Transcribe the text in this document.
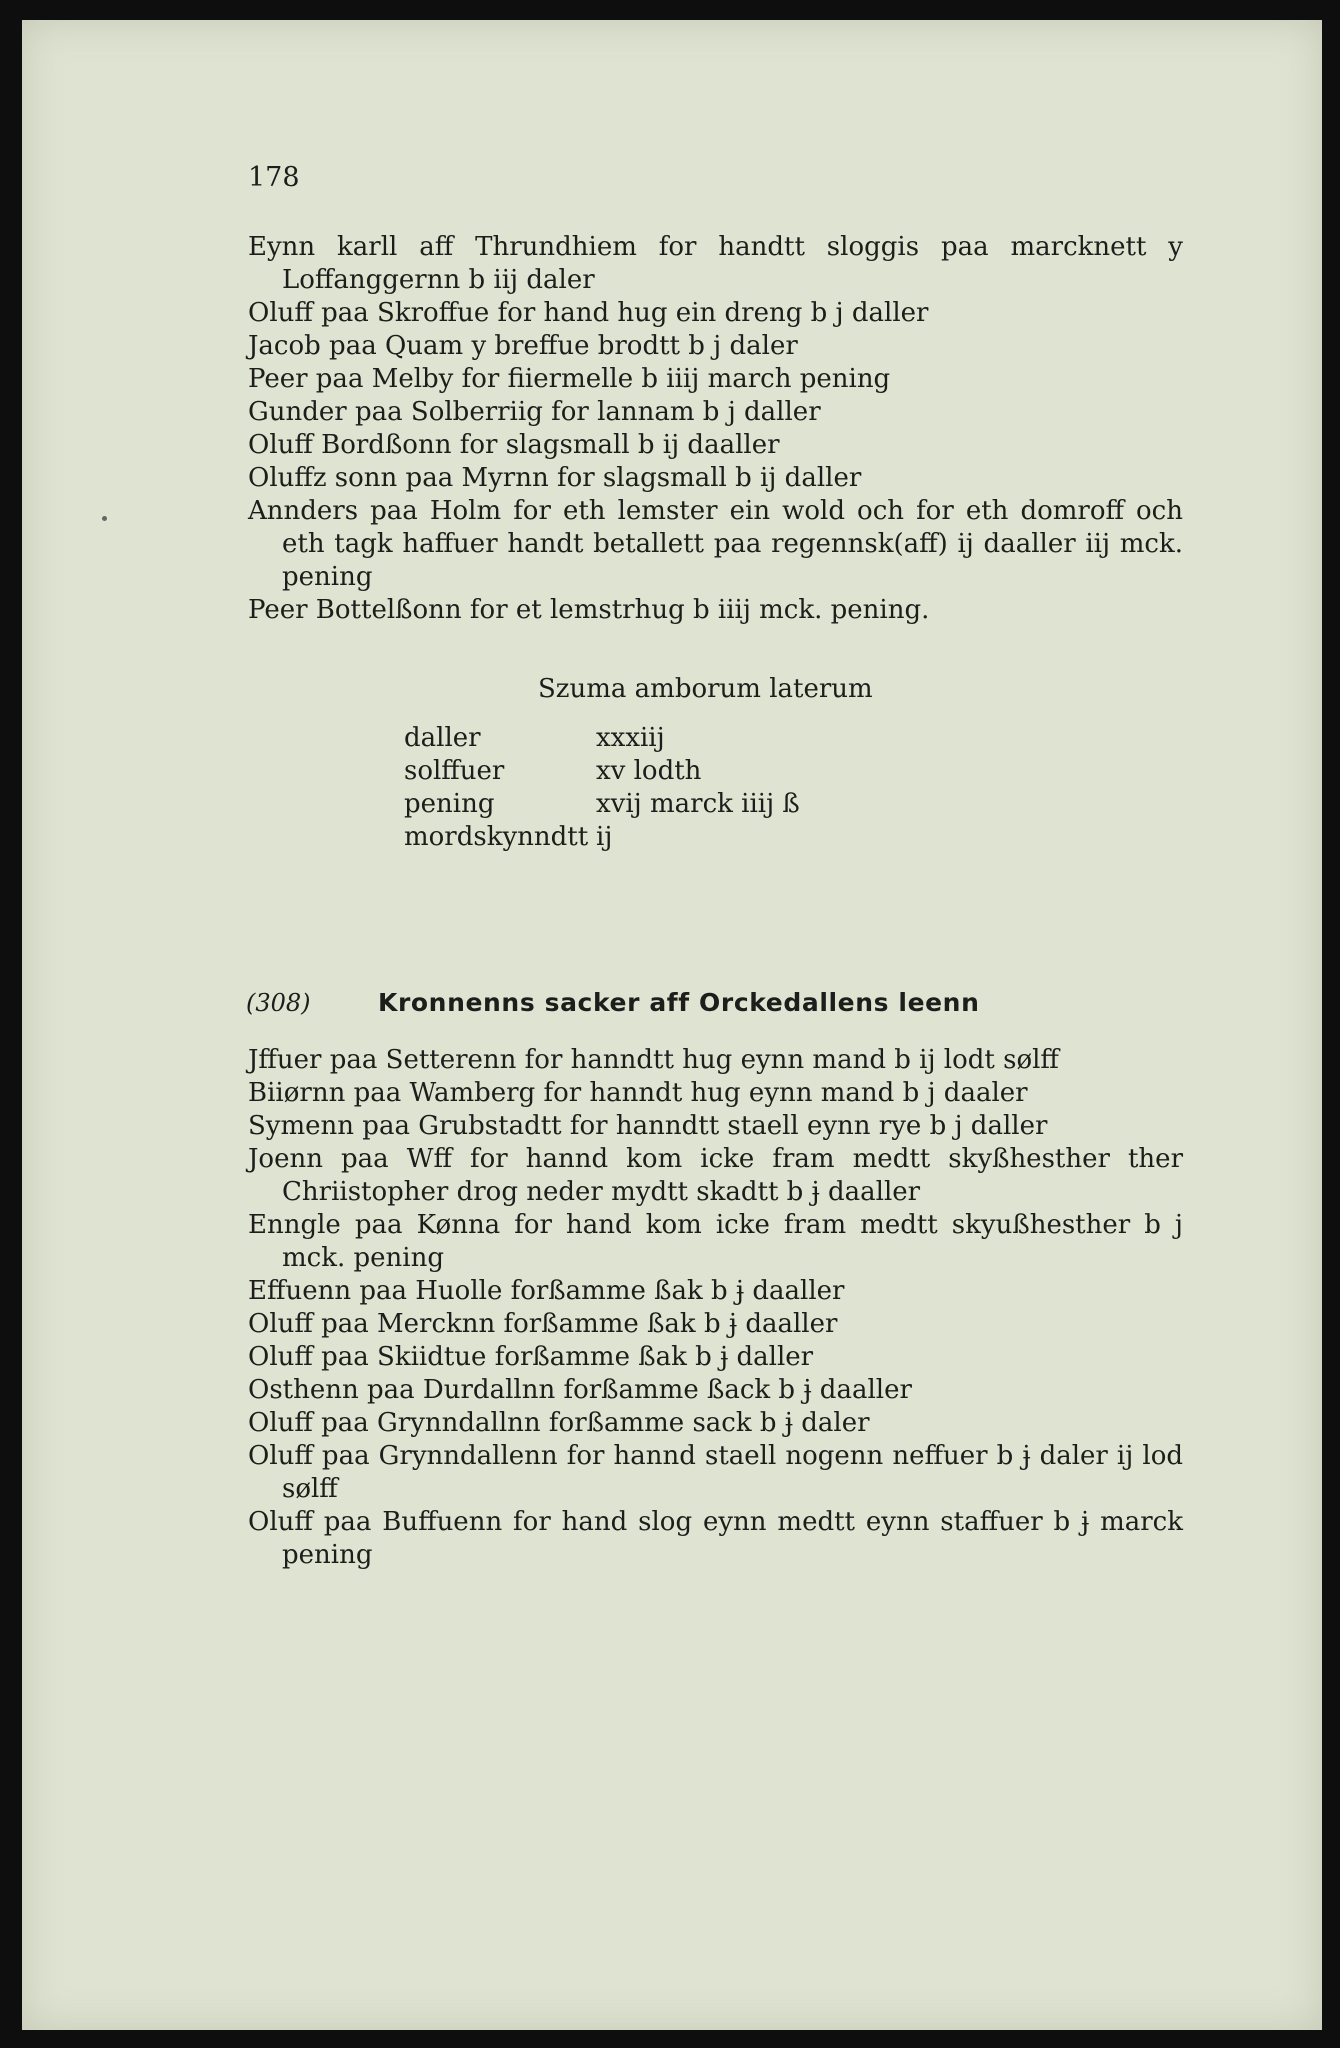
178
Eynn karll aff Thrundhiem for handtt sloggis paa marcknett y Loffanggernn b iij daler
Oluff paa Skroffue for hand hug ein dreng b j daller
Jacob paa Quam y breffue brodtt b j daler
Peer paa Melby for fiiermelle b iiij march pening
Gunder paa Solberriig for lannam b j daller
Oluff Bordßonn for slagsmall b ij daaller
Oluffz sonn paa Myrnn for slagsmall b ij daller
Annders paa Holm for eth lemster ein wold och for eth domroff och eth tagk haffuer handt betallett paa regennsk(aff) ij daaller iij mck. pening
Peer Bottelßonn for et lemstrhug b iiij mck. pening.
Szuma amborum laterum
daller	xxxiij
solffuer	xv lodth
pening	xvij marck iiij ß
mordskynndtt	ij
(308)	Kronnenns sacker aff Orckedallens leenn
Jffuer paa Setterenn for hanndtt hug eynn mand b ij lodt sølff
Biiørnn paa Wamberg for hanndt hug eynn mand b j daaler
Symenn paa Grubstadtt for hanndtt staell eynn rye b j daller
Joenn paa Wff for hannd kom icke fram medtt skyßhesther ther Chriistopher drog neder mydtt skadtt b ɉ daaller
Enngle paa Kønna for hand kom icke fram medtt skyußhesther b j mck. pening
Effuenn paa Huolle forßamme ßak b ɉ daaller
Oluff paa Mercknn forßamme ßak b ɉ daaller
Oluff paa Skiidtue forßamme ßak b ɉ daller
Osthenn paa Durdallnn forßamme ßack b ɉ daaller
Oluff paa Grynndallnn forßamme sack b ɉ daler
Oluff paa Grynndallenn for hannd staell nogenn neffuer b ɉ daler ij lod sølff
Oluff paa Buffuenn for hand slog eynn medtt eynn staffuer b ɉ marck pening
